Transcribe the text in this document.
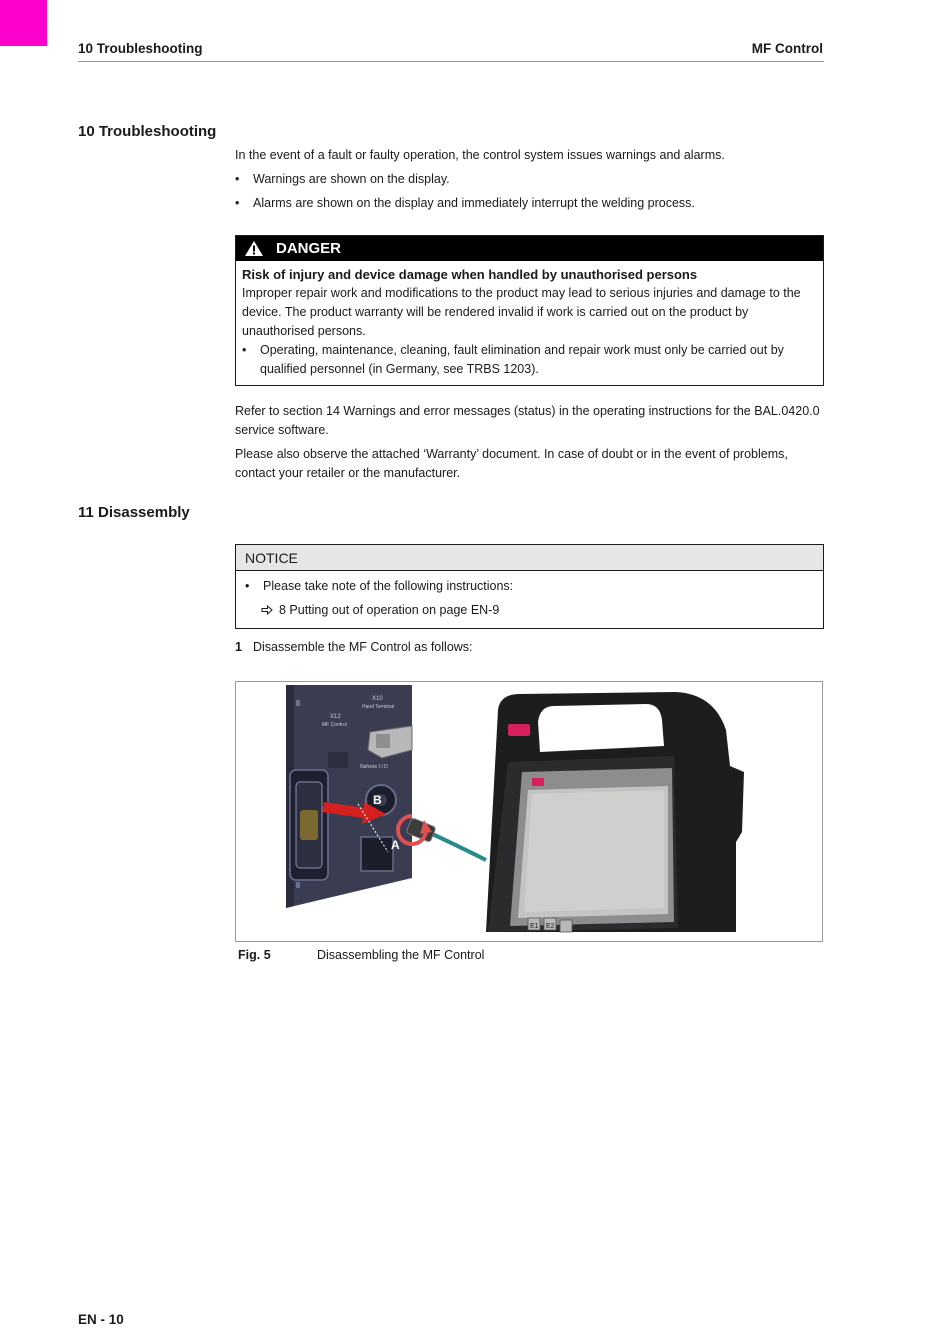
10 Troubleshooting	MF Control
10 Troubleshooting
In the event of a fault or faulty operation, the control system issues warnings and alarms.
• Warnings are shown on the display.
• Alarms are shown on the display and immediately interrupt the welding process.
DANGER
Risk of injury and device damage when handled by unauthorised persons
Improper repair work and modifications to the product may lead to serious injuries and damage to the device. The product warranty will be rendered invalid if work is carried out on the product by unauthorised persons.
•	Operating, maintenance, cleaning, fault elimination and repair work must only be carried out by qualified personnel (in Germany, see TRBS 1203).
Refer to section 14 Warnings and error messages (status) in the operating instructions for the BAL.0420.0 service software.
Please also observe the attached ‘Warranty’ document. In case of doubt or in the event of problems, contact your retailer or the manufacturer.
11 Disassembly
NOTICE
•	Please take note of the following instructions:
8 Putting out of operation on page EN-9
1 Disassemble the MF Control as follows:
X12
MF Control
X10
Hand Terminal
Nahsire I I D
B
A
E1 E2
Fig. 5	Disassembling the MF Control
EN - 10
